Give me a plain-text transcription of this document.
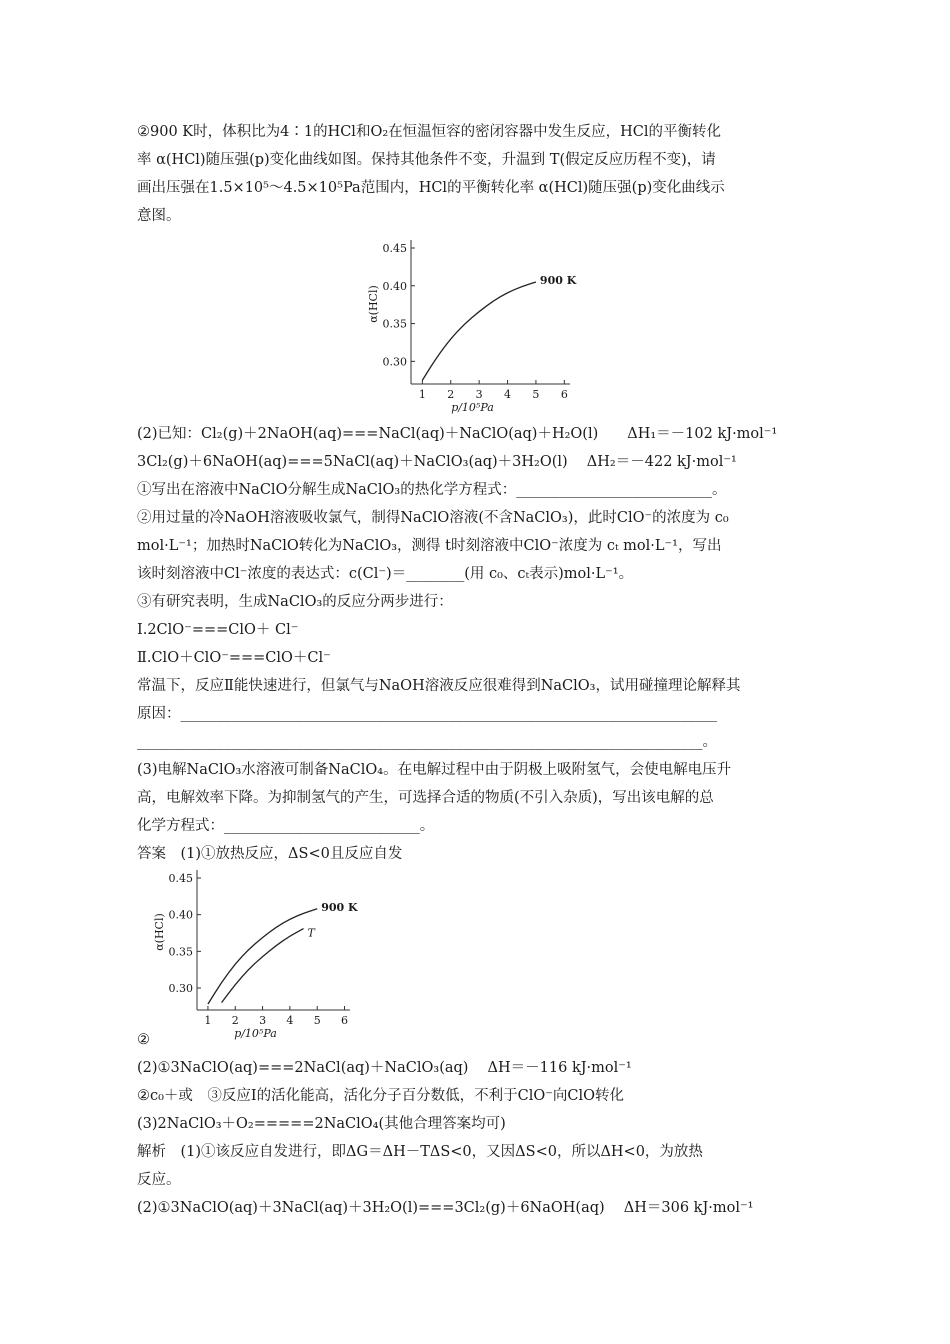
②900 K时，体积比为4∶1的HCl和O₂在恒温恒容的密闭容器中发生反应，HCl的平衡转化
率 α(HCl)随压强(p)变化曲线如图。保持其他条件不变，升温到 T(假定反应历程不变)，请
画出压强在1.5×10⁵～4.5×10⁵Pa范围内，HCl的平衡转化率 α(HCl)随压强(p)变化曲线示
意图。
0.30
0.35
0.40
0.45
1 2 3 4 5 6
p/10⁵Pa
α(HCl)
900 K
(2)已知：Cl₂(g)＋2NaOH(aq)===NaCl(aq)＋NaClO(aq)＋H₂O(l)　　ΔH₁＝－102 kJ·mol⁻¹
3Cl₂(g)＋6NaOH(aq)===5NaCl(aq)＋NaClO₃(aq)＋3H₂O(l)　 ΔH₂＝－422 kJ·mol⁻¹
①写出在溶液中NaClO分解生成NaClO₃的热化学方程式：___________________________。
②用过量的冷NaOH溶液吸收氯气，制得NaClO溶液(不含NaClO₃)，此时ClO⁻的浓度为 c₀
mol·L⁻¹；加热时NaClO转化为NaClO₃，测得 t时刻溶液中ClO⁻浓度为 cₜ mol·L⁻¹，写出
该时刻溶液中Cl⁻浓度的表达式：c(Cl⁻)＝________(用 c₀、cₜ表示)mol·L⁻¹。
③有研究表明，生成NaClO₃的反应分两步进行：
Ⅰ.2ClO⁻===ClO＋ Cl⁻
Ⅱ.ClO＋ClO⁻===ClO＋Cl⁻
常温下，反应Ⅱ能快速进行，但氯气与NaOH溶液反应很难得到NaClO₃，试用碰撞理论解释其
原因：__________________________________________________________________________
______________________________________________________________________________。
(3)电解NaClO₃水溶液可制备NaClO₄。在电解过程中由于阴极上吸附氢气，会使电解电压升
高，电解效率下降。为抑制氢气的产生，可选择合适的物质(不引入杂质)，写出该电解的总
化学方程式：___________________________。
答案　(1)①放热反应，ΔS<0且反应自发
0.30
0.35
0.40
0.45
1 2 3 4 5 6
p/10⁵Pa
α(HCl)
900 K
T
②
(2)①3NaClO(aq)===2NaCl(aq)＋NaClO₃(aq)　 ΔH＝－116 kJ·mol⁻¹
②c₀＋或　③反应Ⅰ的活化能高，活化分子百分数低，不利于ClO⁻向ClO转化
(3)2NaClO₃＋O₂=====2NaClO₄(其他合理答案均可)
解析　(1)①该反应自发进行，即ΔG＝ΔH－TΔS<0，又因ΔS<0，所以ΔH<0，为放热
反应。
(2)①3NaClO(aq)＋3NaCl(aq)＋3H₂O(l)===3Cl₂(g)＋6NaOH(aq)　 ΔH＝306 kJ·mol⁻¹
